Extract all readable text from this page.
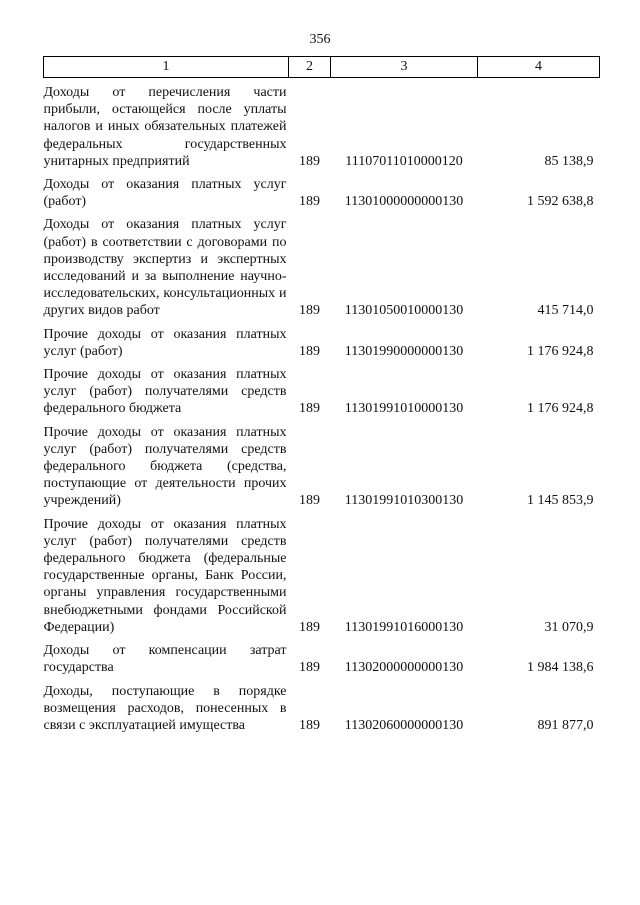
356
1	2	3	4
Доходы от перечисления части прибыли, остающейся после уплаты налогов и иных обязательных платежей федеральных государственных унитарных предприятий	189	11107011010000120	85 138,9
Доходы от оказания платных услуг (работ)	189	11301000000000130	1 592 638,8
Доходы от оказания платных услуг (работ) в соответствии с договорами по производству экспертиз и экспертных исследований и за выполнение научно-исследовательских, консультационных и других видов работ	189	11301050010000130	415 714,0
Прочие доходы от оказания платных услуг (работ)	189	11301990000000130	1 176 924,8
Прочие доходы от оказания платных услуг (работ) получателями средств федерального бюджета	189	11301991010000130	1 176 924,8
Прочие доходы от оказания платных услуг (работ) получателями средств федерального бюджета (средства, поступающие от деятельности прочих учреждений)	189	11301991010300130	1 145 853,9
Прочие доходы от оказания платных услуг (работ) получателями средств федерального бюджета (федеральные государственные органы, Банк России, органы управления государственными внебюджетными фондами Российской Федерации)	189	11301991016000130	31 070,9
Доходы от компенсации затрат государства	189	11302000000000130	1 984 138,6
Доходы, поступающие в порядке возмещения расходов, понесенных в связи с эксплуатацией имущества	189	11302060000000130	891 877,0
